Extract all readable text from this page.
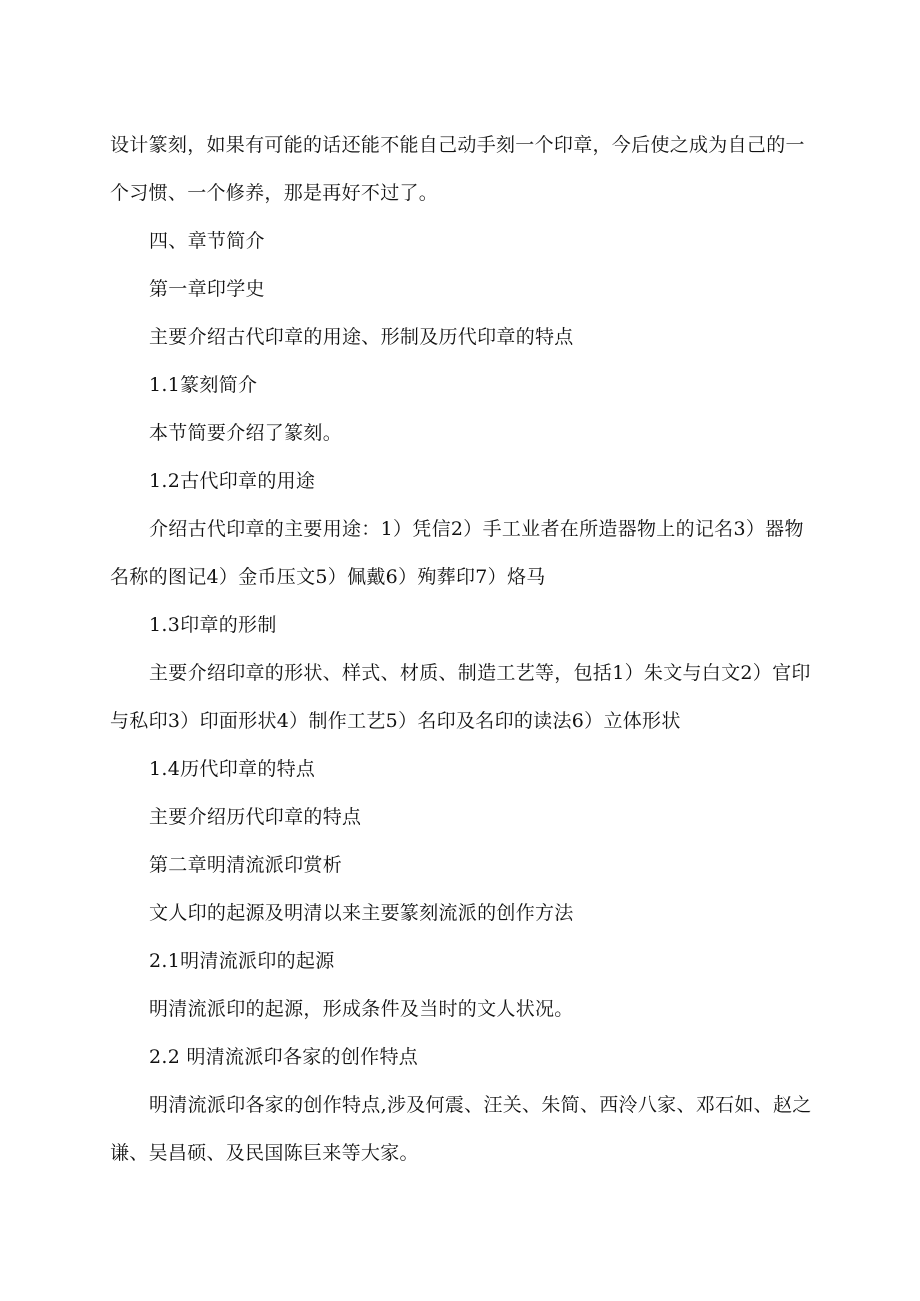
设计篆刻，如果有可能的话还能不能自己动手刻一个印章，今后使之成为自己的一个习惯、一个修养，那是再好不过了。

四、章节简介

第一章印学史

主要介绍古代印章的用途、形制及历代印章的特点

1.1篆刻简介

本节简要介绍了篆刻。

1.2古代印章的用途

介绍古代印章的主要用途：1）凭信2）手工业者在所造器物上的记名3）器物名称的图记4）金币压文5）佩戴6）殉葬印7）烙马

1.3印章的形制

主要介绍印章的形状、样式、材质、制造工艺等，包括1）朱文与白文2）官印与私印3）印面形状4）制作工艺5）名印及名印的读法6）立体形状

1.4历代印章的特点

主要介绍历代印章的特点

第二章明清流派印赏析

文人印的起源及明清以来主要篆刻流派的创作方法

2.1明清流派印的起源

明清流派印的起源，形成条件及当时的文人状况。

2.2 明清流派印各家的创作特点

明清流派印各家的创作特点,涉及何震、汪关、朱简、西泠八家、邓石如、赵之谦、吴昌硕、及民国陈巨来等大家。
